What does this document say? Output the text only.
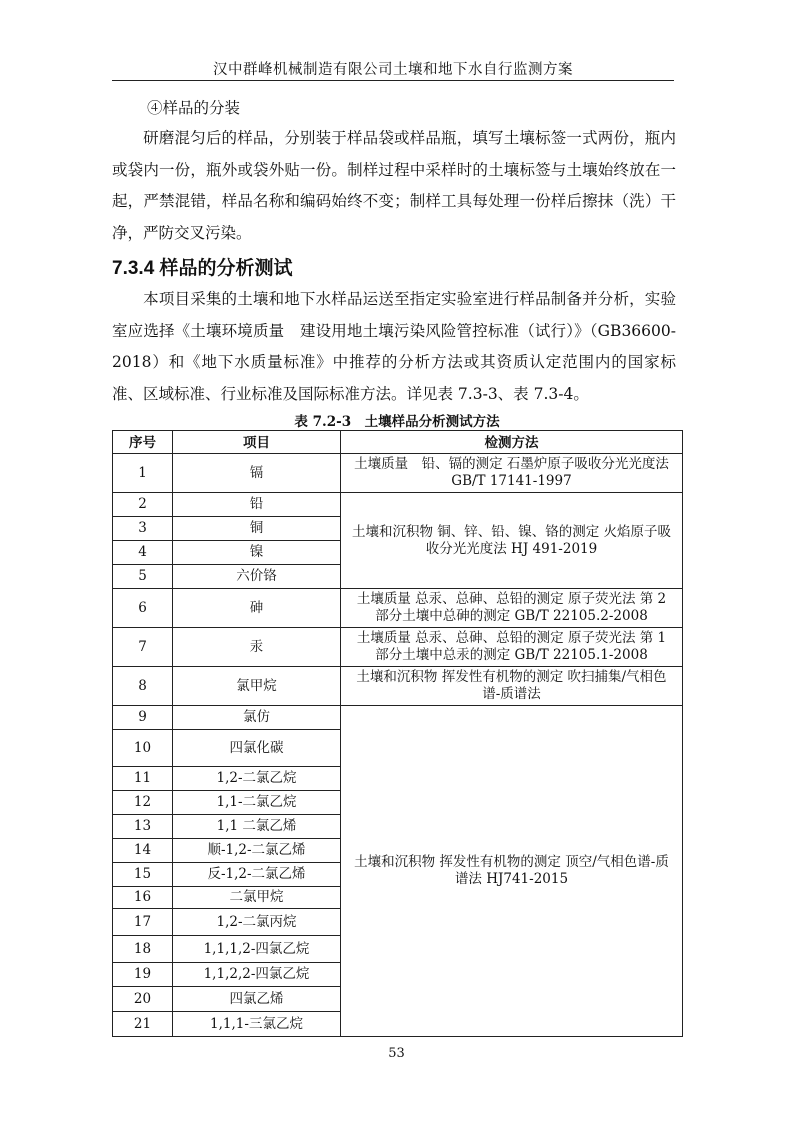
汉中群峰机械制造有限公司土壤和地下水自行监测方案
④样品的分装

研磨混匀后的样品，分别装于样品袋或样品瓶，填写土壤标签一式两份，瓶内或袋内一份，瓶外或袋外贴一份。制样过程中采样时的土壤标签与土壤始终放在一起，严禁混错，样品名称和编码始终不变；制样工具每处理一份样后擦抹（洗）干净，严防交叉污染。

7.3.4 样品的分析测试

本项目采集的土壤和地下水样品运送至指定实验室进行样品制备并分析，实验室应选择《土壤环境质量　建设用地土壤污染风险管控标准（试行）》（GB36600-2018）和《地下水质量标准》中推荐的分析方法或其资质认定范围内的国家标准、区域标准、行业标准及国际标准方法。详见表 7.3-3、表 7.3-4。

表 7.2-3　土壤样品分析测试方法
序号	项目	检测方法
1	镉	土壤质量　铅、镉的测定 石墨炉原子吸收分光光度法 GB/T 17141-1997
2	铅	土壤和沉积物 铜、锌、铅、镍、铬的测定 火焰原子吸收分光光度法 HJ 491-2019
3	铜	
4	镍	
5	六价铬	
6	砷	土壤质量 总汞、总砷、总铅的测定 原子荧光法 第 2 部分土壤中总砷的测定 GB/T 22105.2-2008
7	汞	土壤质量 总汞、总砷、总铅的测定 原子荧光法 第 1 部分土壤中总汞的测定 GB/T 22105.1-2008
8	氯甲烷	土壤和沉积物 挥发性有机物的测定 吹扫捕集/气相色谱-质谱法
9	氯仿	土壤和沉积物 挥发性有机物的测定 顶空/气相色谱-质谱法 HJ741-2015
10	四氯化碳	
11	1,2-二氯乙烷	
12	1,1-二氯乙烷	
13	1,1 二氯乙烯	
14	顺-1,2-二氯乙烯	
15	反-1,2-二氯乙烯	
16	二氯甲烷	
17	1,2-二氯丙烷	
18	1,1,1,2-四氯乙烷	
19	1,1,2,2-四氯乙烷	
20	四氯乙烯	
21	1,1,1-三氯乙烷	
53
